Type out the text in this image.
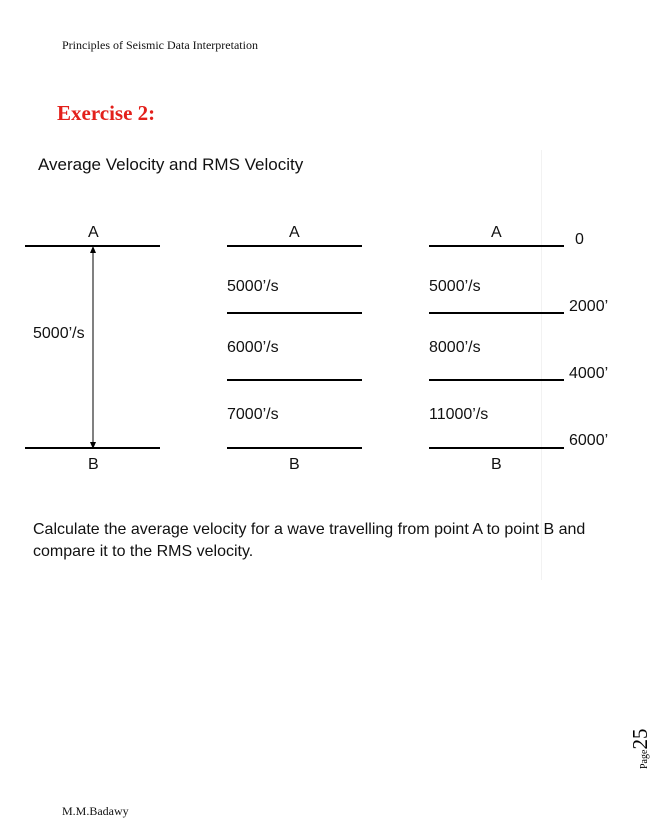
Principles of Seismic Data Interpretation
Exercise 2:
Average Velocity and RMS Velocity
A
5000’/s
B
A
5000’/s
6000’/s
7000’/s
B
A
5000’/s
8000’/s
11000’/s
B
0
2000’
4000’
6000’
Calculate the average velocity for a wave travelling from point A to point B and compare it to the RMS velocity.
M.M.Badawy
Page25
